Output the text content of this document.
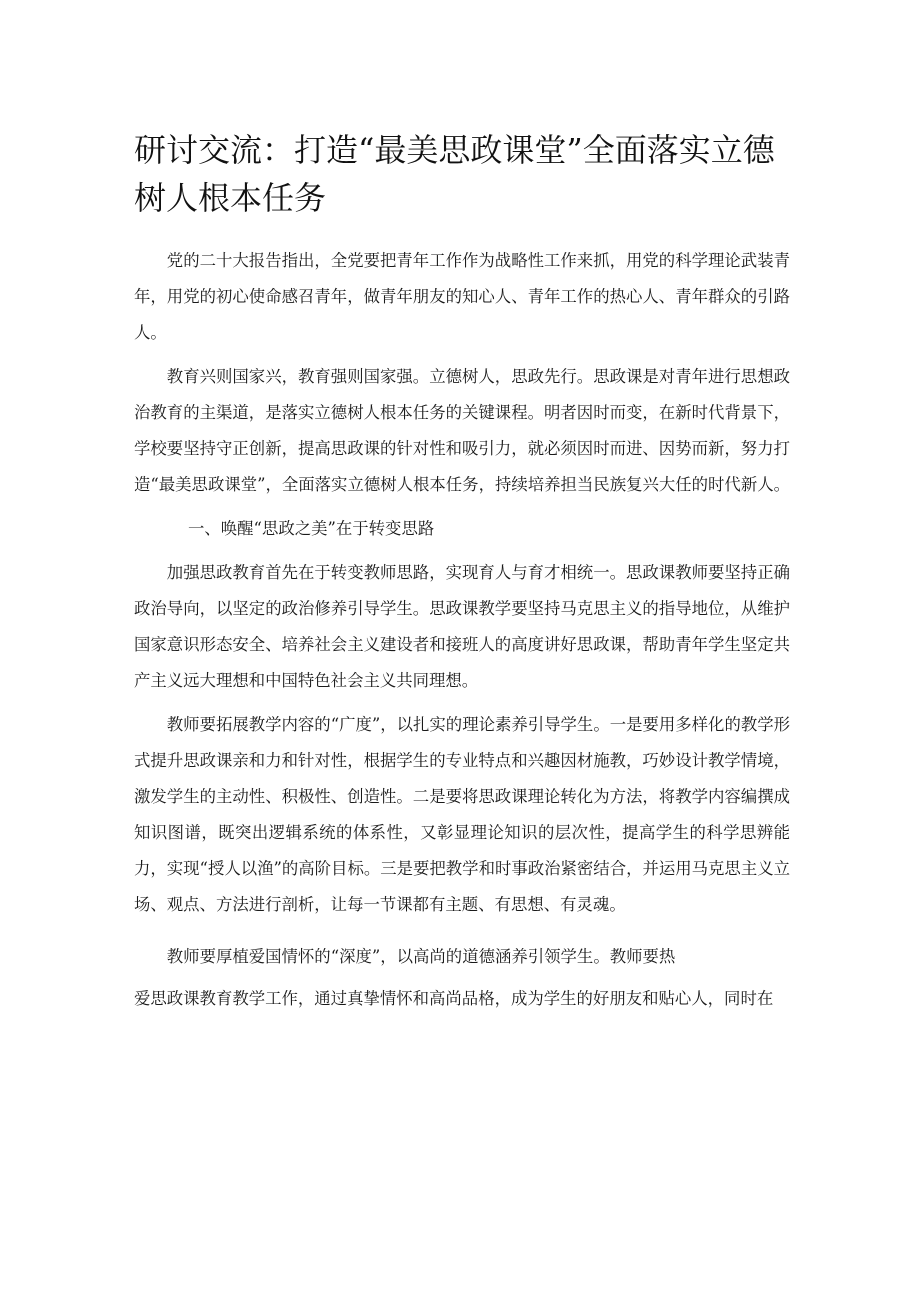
研讨交流：打造“最美思政课堂”全面落实立德树人根本任务

党的二十大报告指出，全党要把青年工作作为战略性工作来抓，用党的科学理论武装青年，用党的初心使命感召青年，做青年朋友的知心人、青年工作的热心人、青年群众的引路人。

教育兴则国家兴，教育强则国家强。立德树人，思政先行。思政课是对青年进行思想政治教育的主渠道，是落实立德树人根本任务的关键课程。明者因时而变，在新时代背景下，学校要坚持守正创新，提高思政课的针对性和吸引力，就必须因时而进、因势而新，努力打造“最美思政课堂”，全面落实立德树人根本任务，持续培养担当民族复兴大任的时代新人。

一、唤醒“思政之美”在于转变思路

加强思政教育首先在于转变教师思路，实现育人与育才相统一。思政课教师要坚持正确政治导向，以坚定的政治修养引导学生。思政课教学要坚持马克思主义的指导地位，从维护国家意识形态安全、培养社会主义建设者和接班人的高度讲好思政课，帮助青年学生坚定共产主义远大理想和中国特色社会主义共同理想。

教师要拓展教学内容的“广度”，以扎实的理论素养引导学生。一是要用多样化的教学形式提升思政课亲和力和针对性，根据学生的专业特点和兴趣因材施教，巧妙设计教学情境，激发学生的主动性、积极性、创造性。二是要将思政课理论转化为方法，将教学内容编撰成知识图谱，既突出逻辑系统的体系性，又彰显理论知识的层次性，提高学生的科学思辨能力，实现“授人以渔”的高阶目标。三是要把教学和时事政治紧密结合，并运用马克思主义立场、观点、方法进行剖析，让每一节课都有主题、有思想、有灵魂。

教师要厚植爱国情怀的“深度”，以高尚的道德涵养引领学生。教师要热

爱思政课教育教学工作，通过真挚情怀和高尚品格，成为学生的好朋友和贴心人，同时在
